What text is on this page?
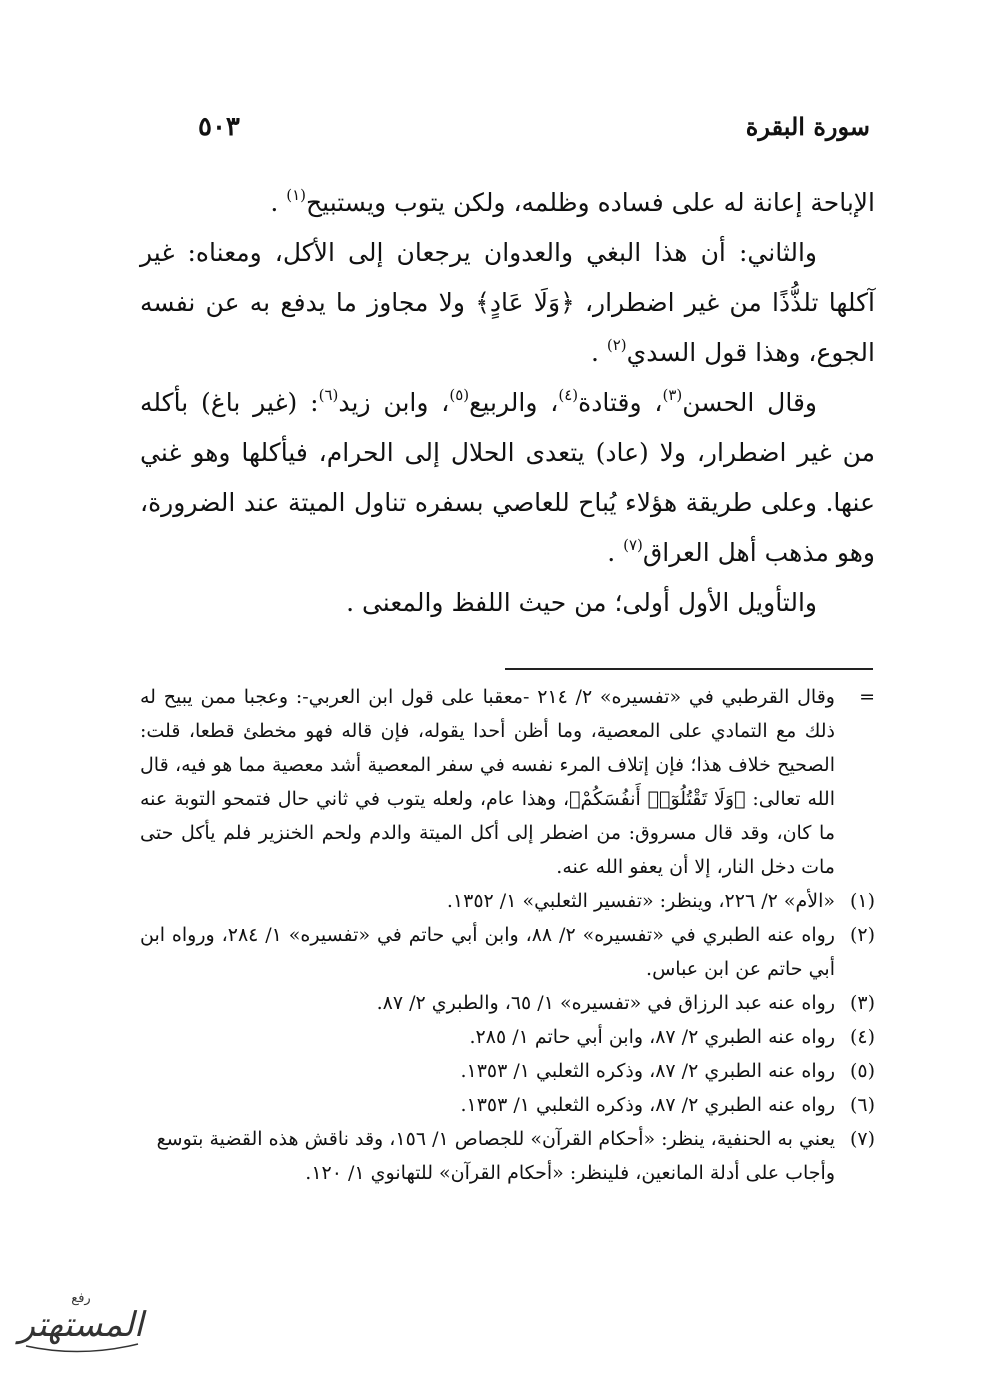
سورة البقرة
٥٠٣

الإباحة إعانة له على فساده وظلمه، ولكن يتوب ويستبيح$^{(١)}$ .

والثاني: أن هذا البغي والعدوان يرجعان إلى الأكل، ومعناه: غير آكلها تلذُّذًا من غير اضطرار، ﴿وَلَا عَادٍ﴾ ولا مجاوز ما يدفع به عن نفسه الجوع، وهذا قول السدي$^{(٢)}$ .

وقال الحسن$^{(٣)}$، وقتادة$^{(٤)}$، والربيع$^{(٥)}$، وابن زيد$^{(٦)}$: (غير باغ) بأكله من غير اضطرار، ولا (عاد) يتعدى الحلال إلى الحرام، فيأكلها وهو غني عنها. وعلى طريقة هؤلاء يُباح للعاصي بسفره تناول الميتة عند الضرورة، وهو مذهب أهل العراق$^{(٧)}$ .

والتأويل الأول أولى؛ من حيث اللفظ والمعنى .

=
وقال القرطبي في «تفسيره» ٢/ ٢١٤ -معقبا على قول ابن العربي-: وعجبا ممن يبيح له ذلك مع التمادي على المعصية، وما أظن أحدا يقوله، فإن قاله فهو مخطئ قطعا، قلت: الصحيح خلاف هذا؛ فإن إتلاف المرء نفسه في سفر المعصية أشد معصية مما هو فيه، قال الله تعالى: ﴿وَلَا تَقْتُلُوٓا۟ أَنفُسَكُمْ﴾، وهذا عام، ولعله يتوب في ثاني حال فتمحو التوبة عنه ما كان، وقد قال مسروق: من اضطر إلى أكل الميتة والدم ولحم الخنزير فلم يأكل حتى مات دخل النار، إلا أن يعفو الله عنه.

(١)
«الأم» ٢/ ٢٢٦، وينظر: «تفسير الثعلبي» ١/ ١٣٥٢.

(٢)
رواه عنه الطبري في «تفسيره» ٢/ ٨٨، وابن أبي حاتم في «تفسيره» ١/ ٢٨٤، ورواه ابن أبي حاتم عن ابن عباس.

(٣)
رواه عنه عبد الرزاق في «تفسيره» ١/ ٦٥، والطبري ٢/ ٨٧.

(٤)
رواه عنه الطبري ٢/ ٨٧، وابن أبي حاتم ١/ ٢٨٥.

(٥)
رواه عنه الطبري ٢/ ٨٧، وذكره الثعلبي ١/ ١٣٥٣.

(٦)
رواه عنه الطبري ٢/ ٨٧، وذكره الثعلبي ١/ ١٣٥٣.

(٧)
يعني به الحنفية، ينظر: «أحكام القرآن» للجصاص ١/ ١٥٦، وقد ناقش هذه القضية بتوسع وأجاب على أدلة المانعين، فلينظر: «أحكام القرآن» للتهانوي ١/ ١٢٠.

رفع
المستهتر
